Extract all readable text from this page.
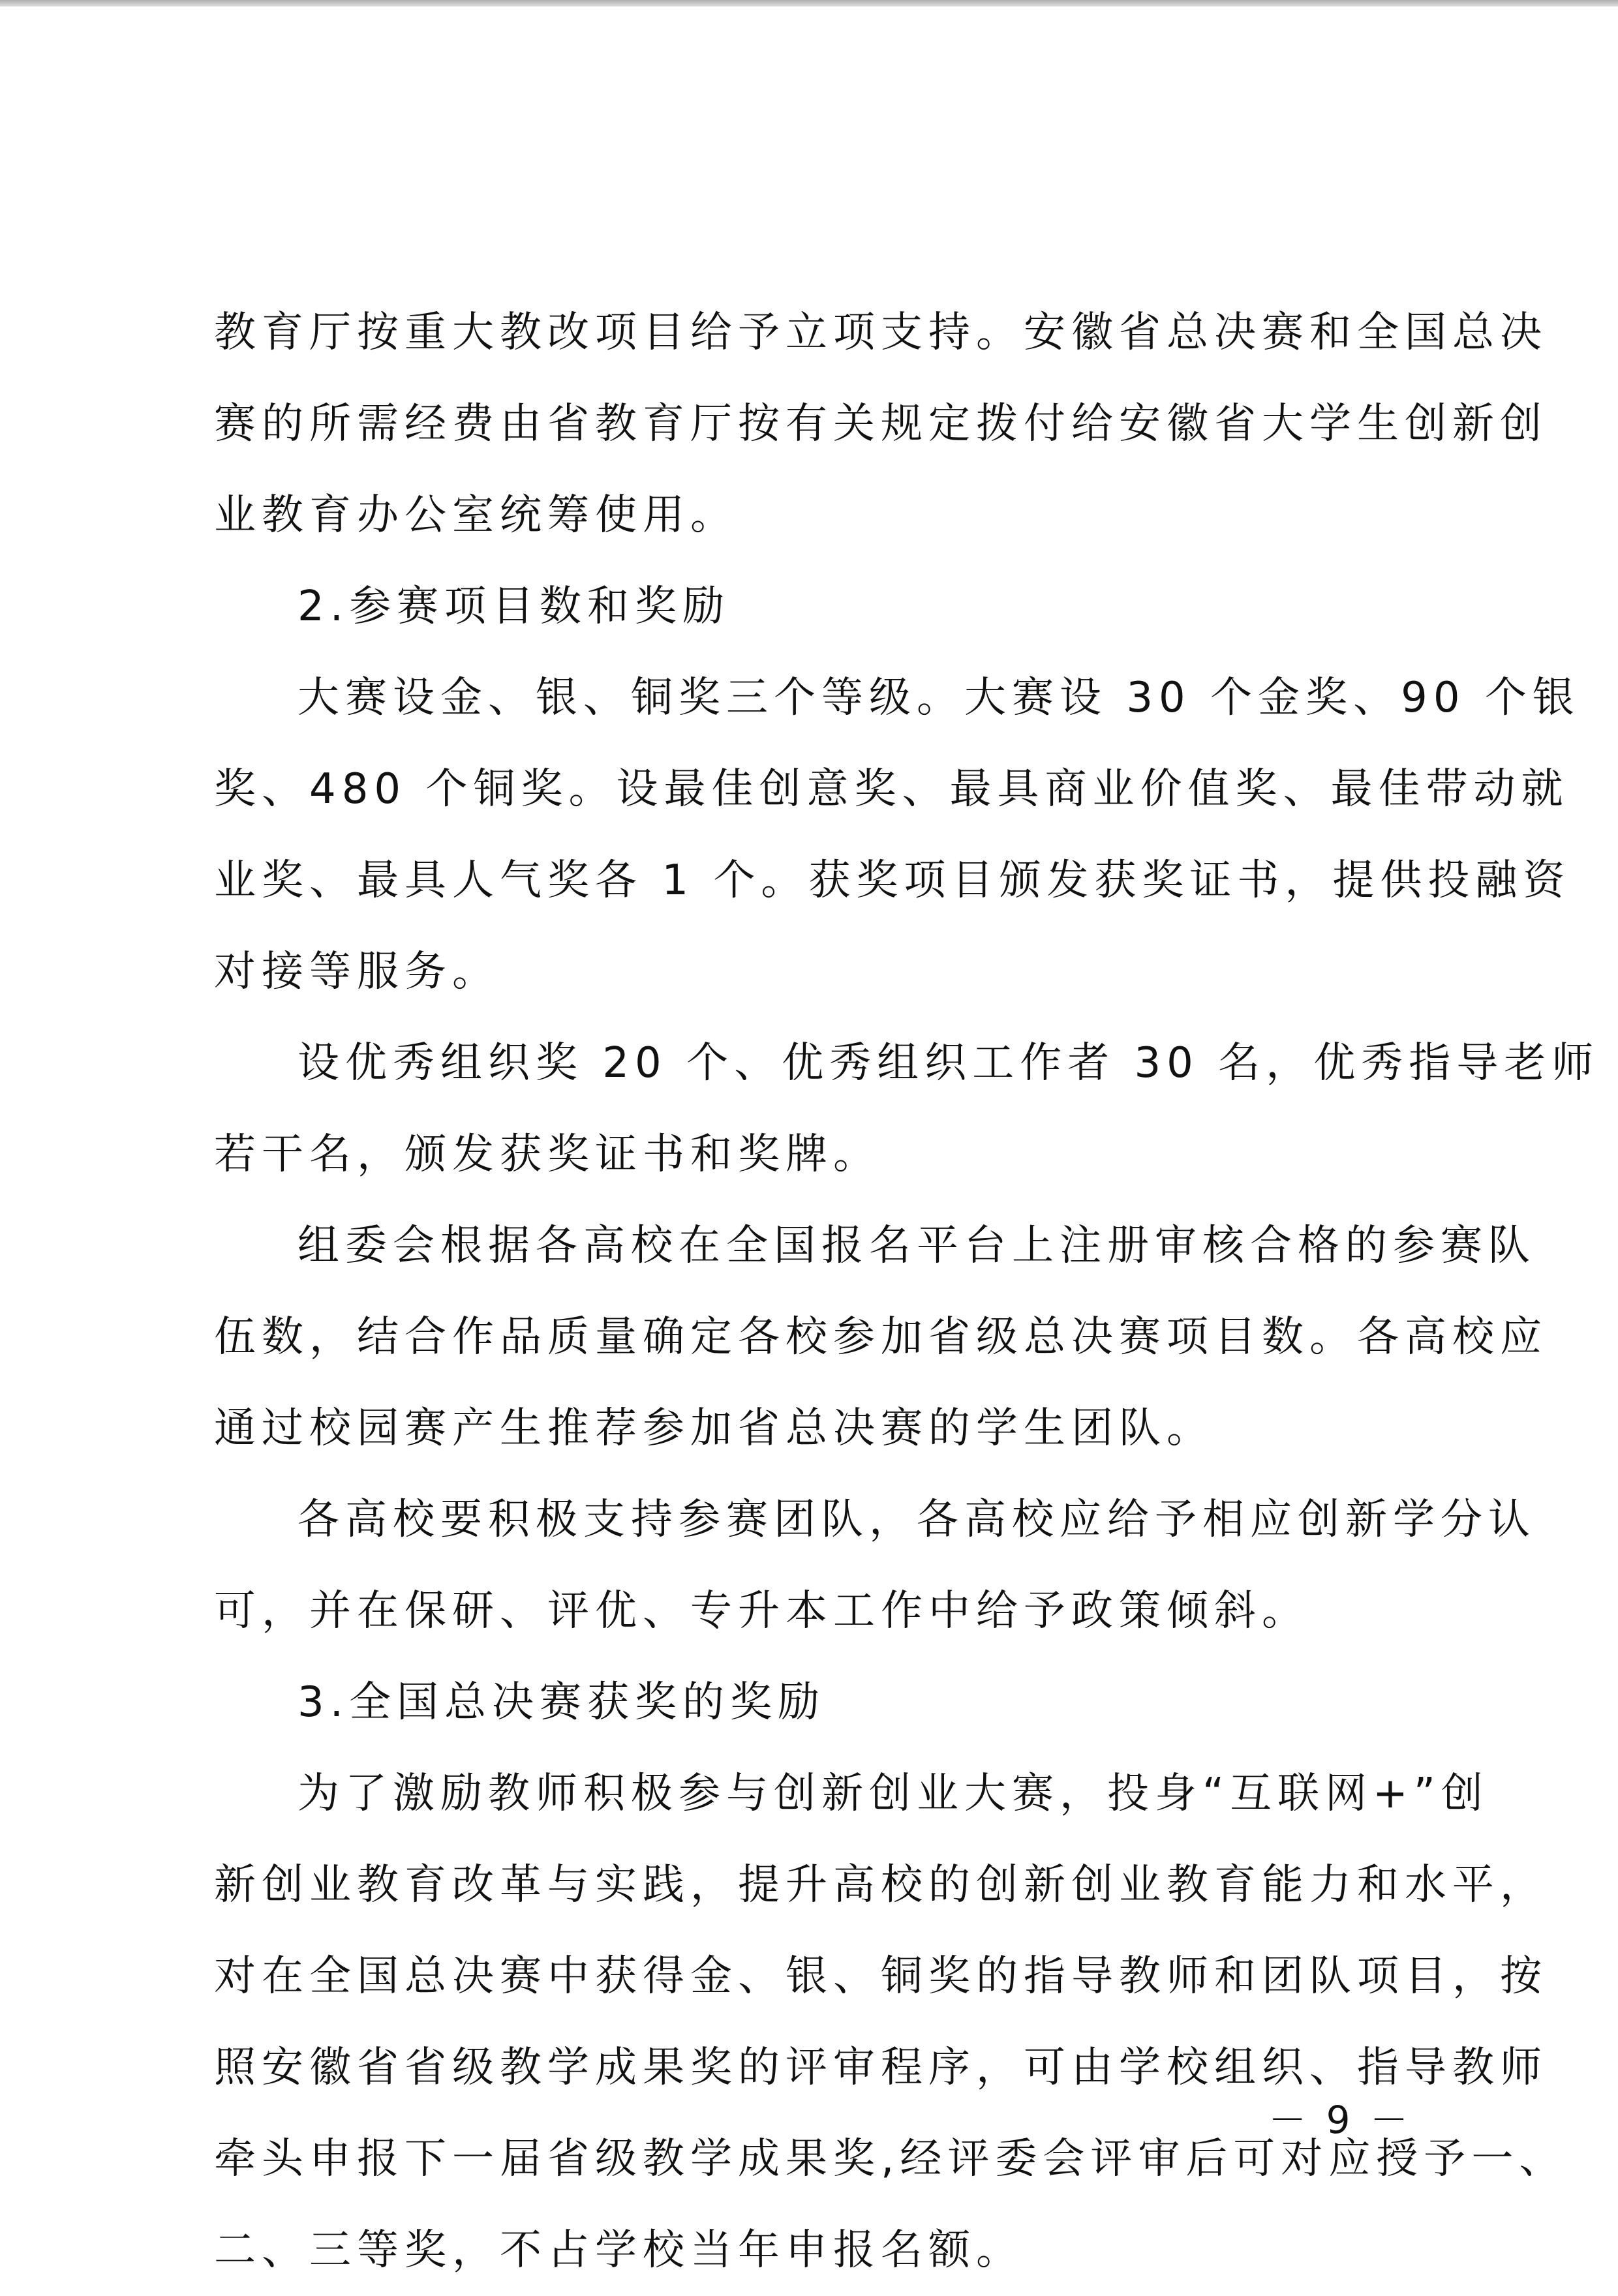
教育厅按重大教改项目给予立项支持。安徽省总决赛和全国总决
赛的所需经费由省教育厅按有关规定拨付给安徽省大学生创新创
业教育办公室统筹使用。
2.参赛项目数和奖励
大赛设金、银、铜奖三个等级。大赛设 30 个金奖、90 个银
奖、480 个铜奖。设最佳创意奖、最具商业价值奖、最佳带动就
业奖、最具人气奖各 1 个。获奖项目颁发获奖证书，提供投融资
对接等服务。
设优秀组织奖 20 个、优秀组织工作者 30 名，优秀指导老师
若干名，颁发获奖证书和奖牌。
组委会根据各高校在全国报名平台上注册审核合格的参赛队
伍数，结合作品质量确定各校参加省级总决赛项目数。各高校应
通过校园赛产生推荐参加省总决赛的学生团队。
各高校要积极支持参赛团队，各高校应给予相应创新学分认
可，并在保研、评优、专升本工作中给予政策倾斜。
3.全国总决赛获奖的奖励
为了激励教师积极参与创新创业大赛，投身“互联网+”创
新创业教育改革与实践，提升高校的创新创业教育能力和水平，
对在全国总决赛中获得金、银、铜奖的指导教师和团队项目，按
照安徽省省级教学成果奖的评审程序，可由学校组织、指导教师
牵头申报下一届省级教学成果奖,经评委会评审后可对应授予一、
二、三等奖，不占学校当年申报名额。
－ 9 －
